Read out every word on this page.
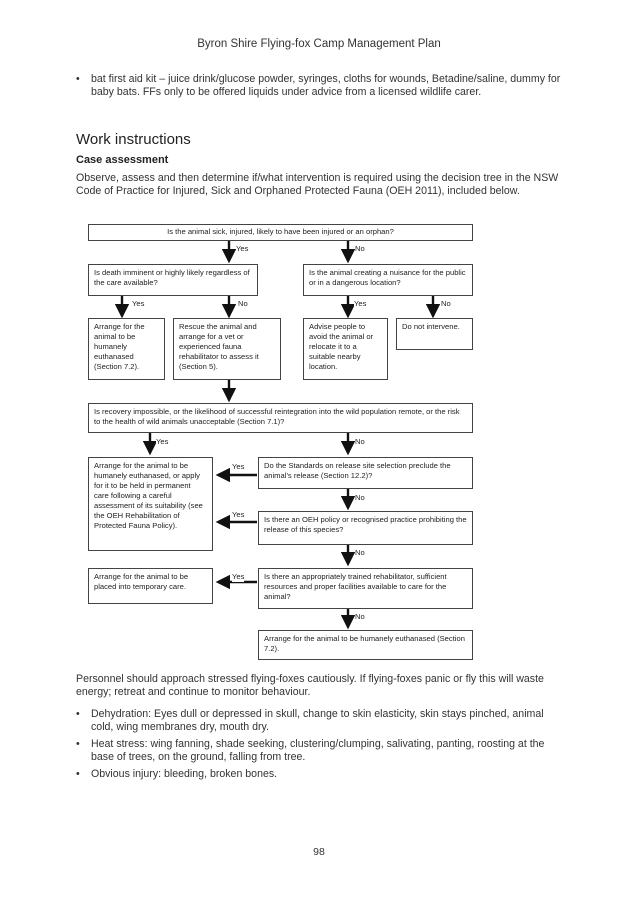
Byron Shire Flying-fox Camp Management Plan
• bat first aid kit – juice drink/glucose powder, syringes, cloths for wounds, Betadine/saline, dummy for baby bats. FFs only to be offered liquids under advice from a licensed wildlife carer.
Work instructions
Case assessment

Observe, assess and then determine if/what intervention is required using the decision tree in the NSW Code of Practice for Injured, Sick and Orphaned Protected Fauna (OEH 2011), included below.

Is the animal sick, injured, likely to have been injured or an orphan?
Yes	No
Is death imminent or highly likely regardless of the care available?
Is the animal creating a nuisance for the public or in a dangerous location?
Yes	No	Yes	No
Arrange for the animal to be humanely euthanased (Section 7.2).
Rescue the animal and arrange for a vet or experienced fauna rehabilitator to assess it (Section 5).
Advise people to avoid the animal or relocate it to a suitable nearby location.
Do not intervene.
Is recovery impossible, or the likelihood of successful reintegration into the wild population remote, or the risk to the health of wild animals unacceptable (Section 7.1)?
Yes	No
Arrange for the animal to be humanely euthanased, or apply for it to be held in permanent care following a careful assessment of its suitability (see the OEH Rehabilitation of Protected Fauna Policy).
Do the Standards on release site selection preclude the animal’s release (Section 12.2)?
Yes
No
Is there an OEH policy or recognised practice prohibiting the release of this species?
Yes
No
Arrange for the animal to be placed into temporary care.
Is there an appropriately trained rehabilitator, sufficient resources and proper facilities available to care for the animal?
Yes
No
Arrange for the animal to be humanely euthanased (Section 7.2).

Personnel should approach stressed flying-foxes cautiously. If flying-foxes panic or fly this will waste energy; retreat and continue to monitor behaviour.

• Dehydration: Eyes dull or depressed in skull, change to skin elasticity, skin stays pinched, animal cold, wing membranes dry, mouth dry.
• Heat stress: wing fanning, shade seeking, clustering/clumping, salivating, panting, roosting at the base of trees, on the ground, falling from tree.
• Obvious injury: bleeding, broken bones.
98
